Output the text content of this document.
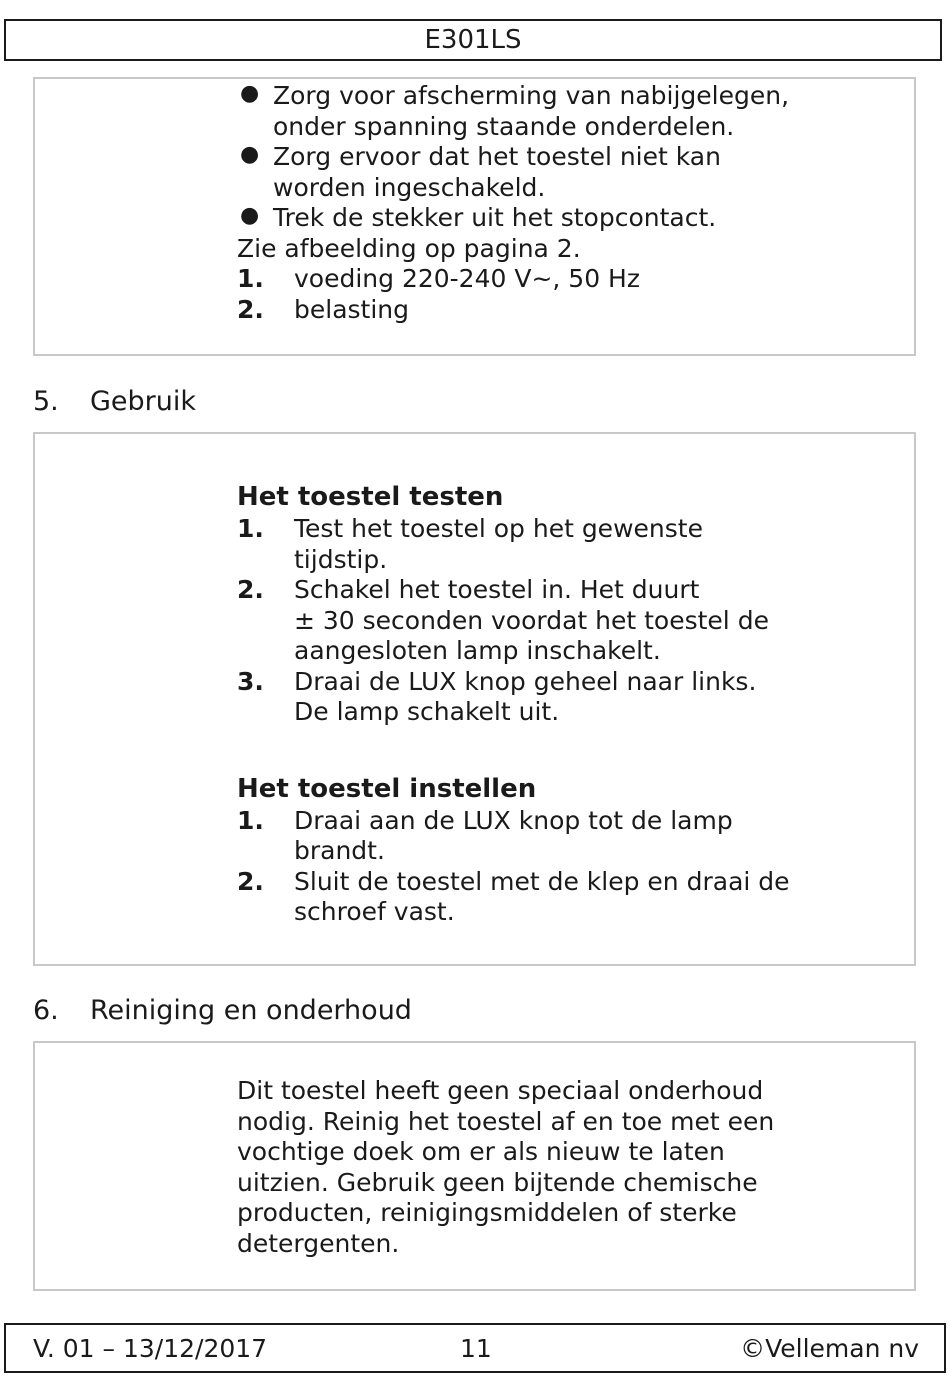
E301LS
● Zorg voor afscherming van nabijgelegen,
onder spanning staande onderdelen.
● Zorg ervoor dat het toestel niet kan
worden ingeschakeld.
● Trek de stekker uit het stopcontact.
Zie afbeelding op pagina 2.
1. voeding 220-240 V~, 50 Hz
2. belasting
5. Gebruik
Het toestel testen
1. Test het toestel op het gewenste
tijdstip.
2. Schakel het toestel in. Het duurt
± 30 seconden voordat het toestel de
aangesloten lamp inschakelt.
3. Draai de LUX knop geheel naar links.
De lamp schakelt uit.
Het toestel instellen
1. Draai aan de LUX knop tot de lamp
brandt.
2. Sluit de toestel met de klep en draai de
schroef vast.
6. Reiniging en onderhoud
Dit toestel heeft geen speciaal onderhoud
nodig. Reinig het toestel af en toe met een
vochtige doek om er als nieuw te laten
uitzien. Gebruik geen bijtende chemische
producten, reinigingsmiddelen of sterke
detergenten.
V. 01 – 13/12/2017	11	©Velleman nv
